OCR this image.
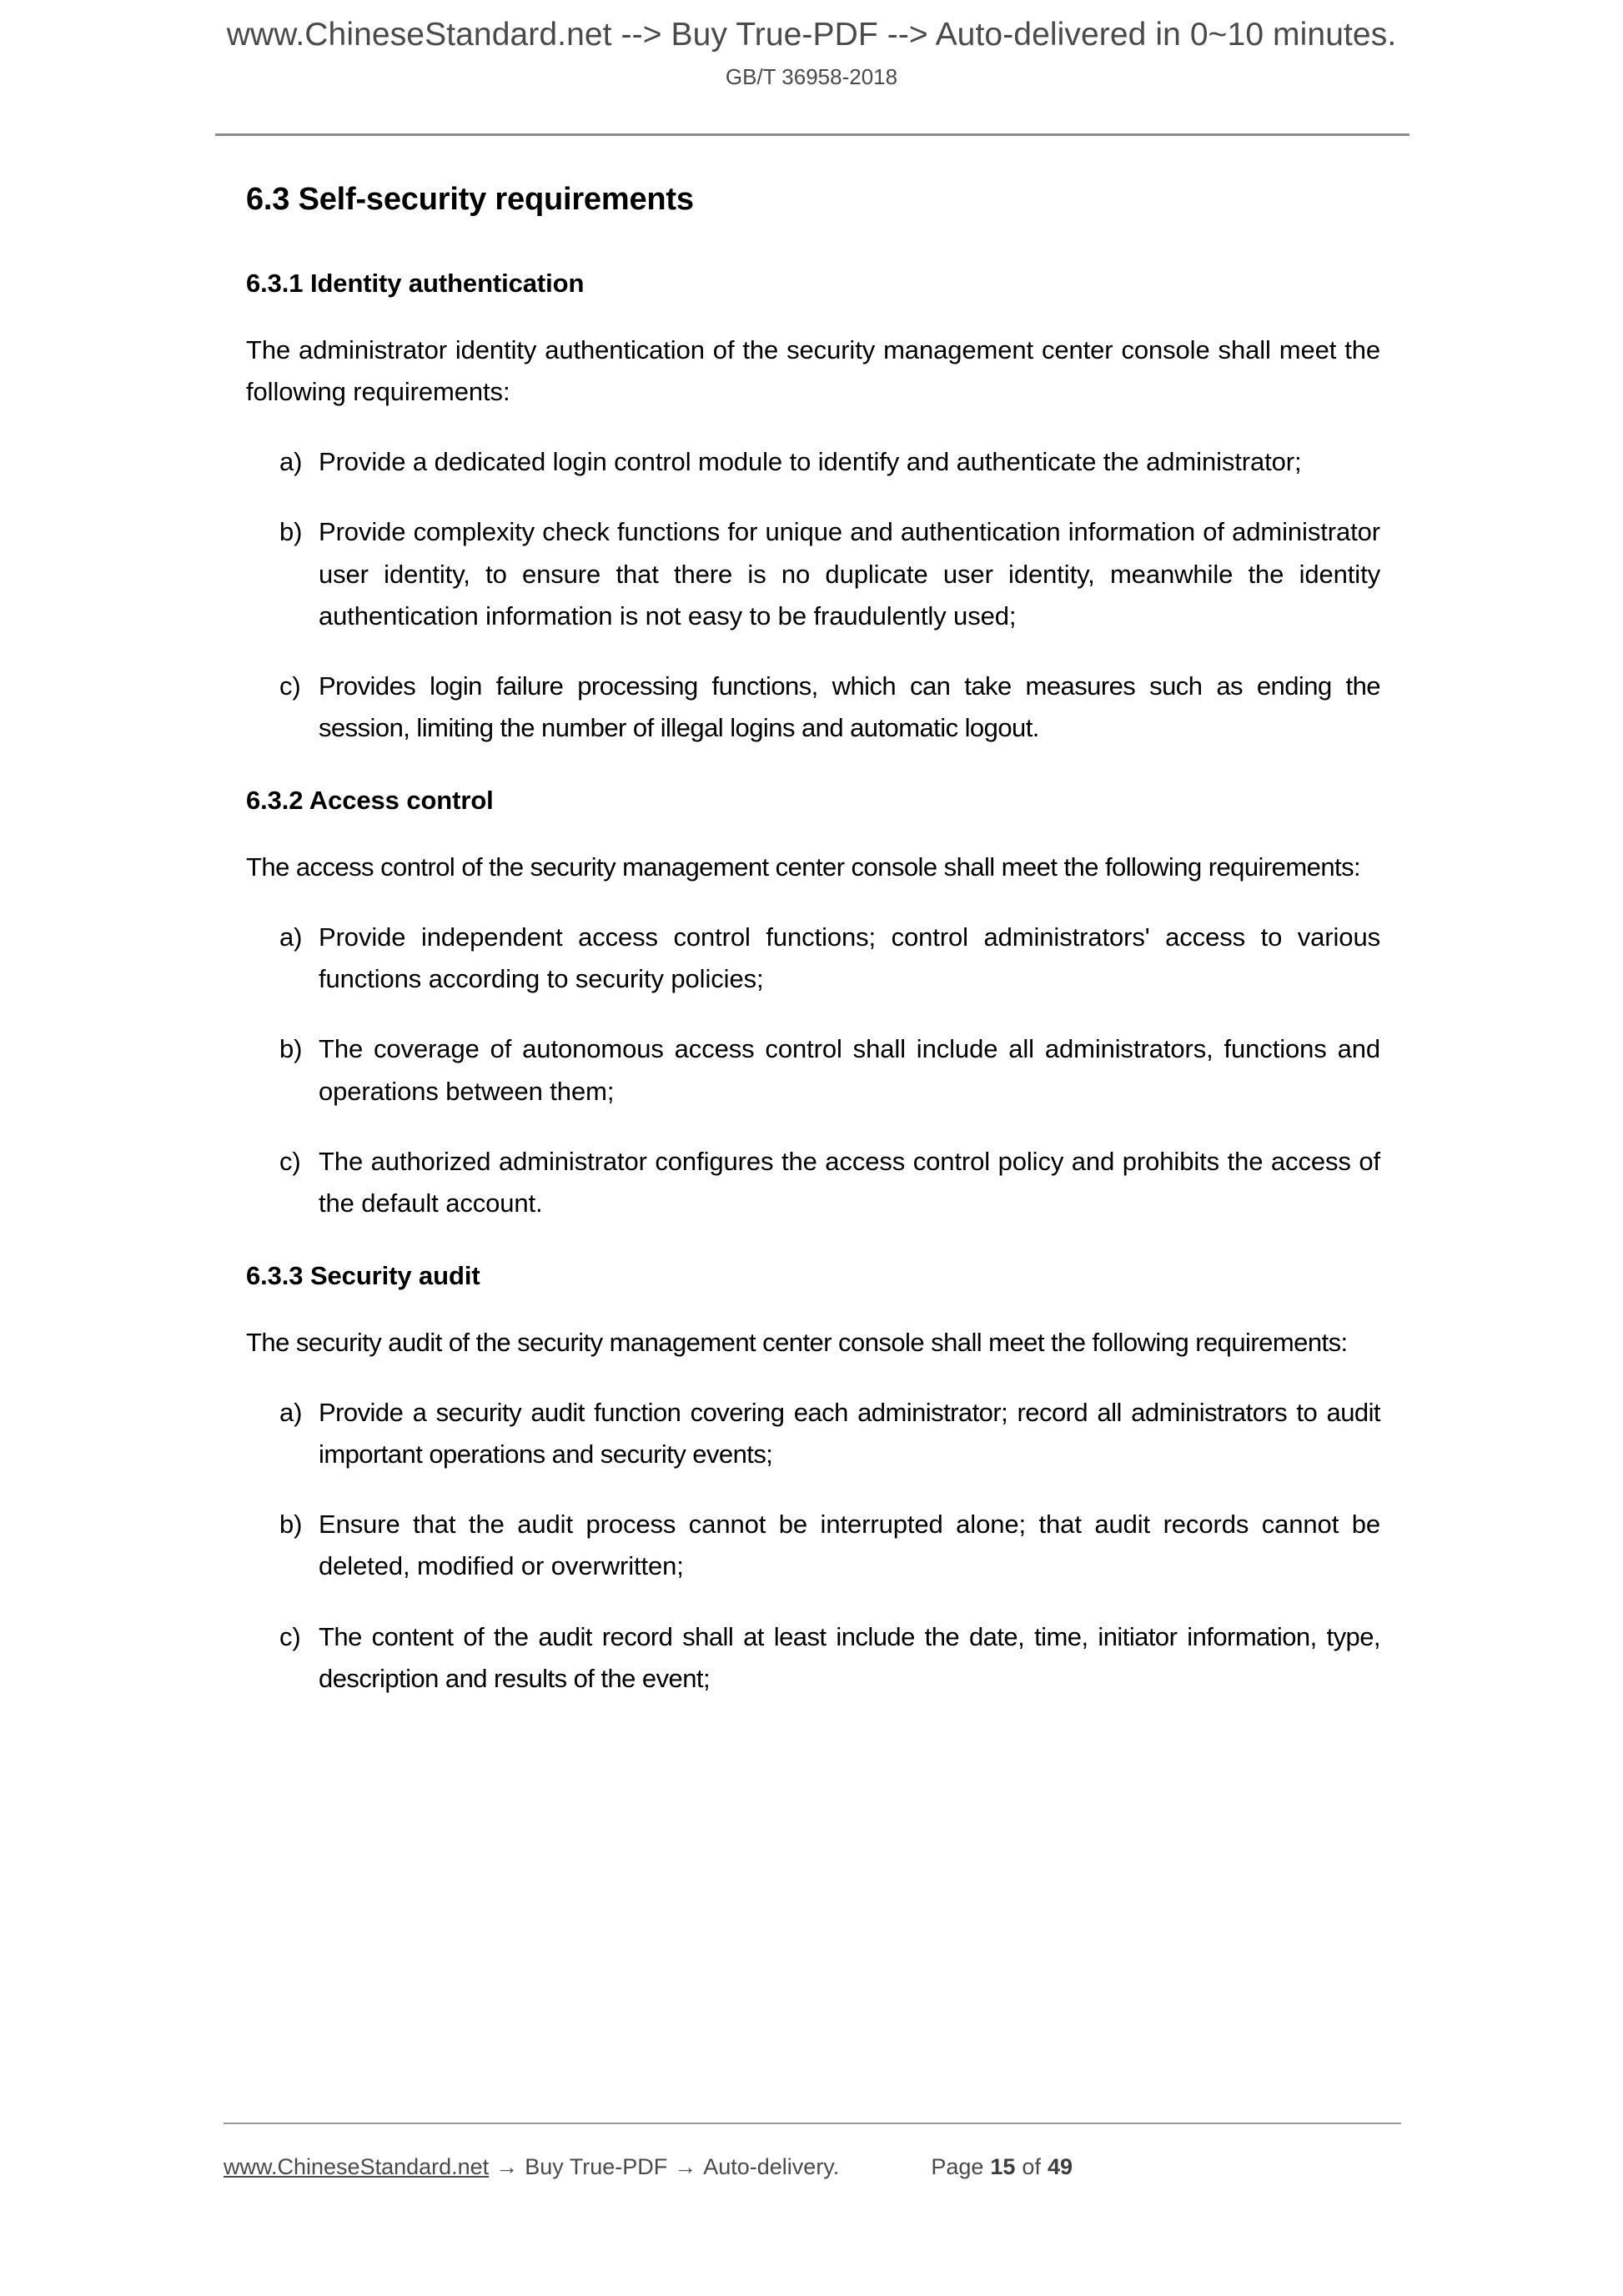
www.ChineseStandard.net --> Buy True-PDF --> Auto-delivered in 0~10 minutes.
GB/T 36958-2018
6.3 Self-security requirements
6.3.1 Identity authentication

The administrator identity authentication of the security management center console shall meet the following requirements:

a) Provide a dedicated login control module to identify and authenticate the administrator;
b) Provide complexity check functions for unique and authentication information of administrator user identity, to ensure that there is no duplicate user identity, meanwhile the identity authentication information is not easy to be fraudulently used;
c) Provides login failure processing functions, which can take measures such as ending the session, limiting the number of illegal logins and automatic logout.
6.3.2 Access control

The access control of the security management center console shall meet the following requirements:

a) Provide independent access control functions; control administrators' access to various functions according to security policies;
b) The coverage of autonomous access control shall include all administrators, functions and operations between them;
c) The authorized administrator configures the access control policy and prohibits the access of the default account.
6.3.3 Security audit

The security audit of the security management center console shall meet the following requirements:

a) Provide a security audit function covering each administrator; record all administrators to audit important operations and security events;
b) Ensure that the audit process cannot be interrupted alone; that audit records cannot be deleted, modified or overwritten;
c) The content of the audit record shall at least include the date, time, initiator information, type, description and results of the event;
www.ChineseStandard.net → Buy True-PDF → Auto-delivery.	Page 15 of 49
